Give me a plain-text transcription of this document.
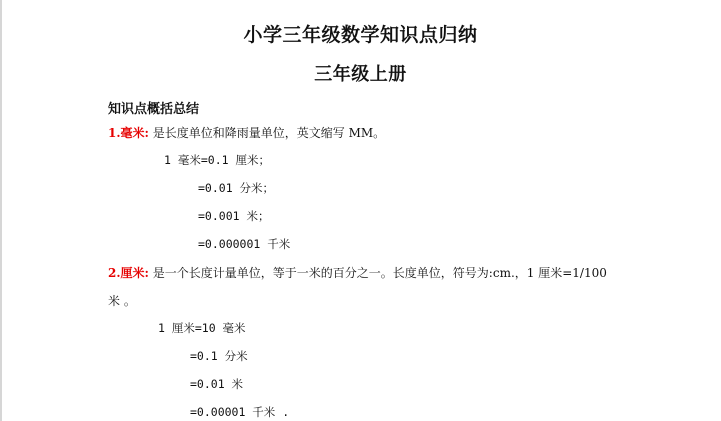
小学三年级数学知识点归纳
三年级上册
知识点概括总结
1.毫米: 是长度单位和降雨量单位，英文缩写 MM。
1 毫米=0.1 厘米；
=0.01 分米；
=0.001 米；
=0.000001 千米
2.厘米: 是一个长度计量单位，等于一米的百分之一。长度单位，符号为:cm.，1 厘米=1/100
米 。
1 厘米=10 毫米
=0.1 分米
=0.01 米
=0.00001 千米 .
